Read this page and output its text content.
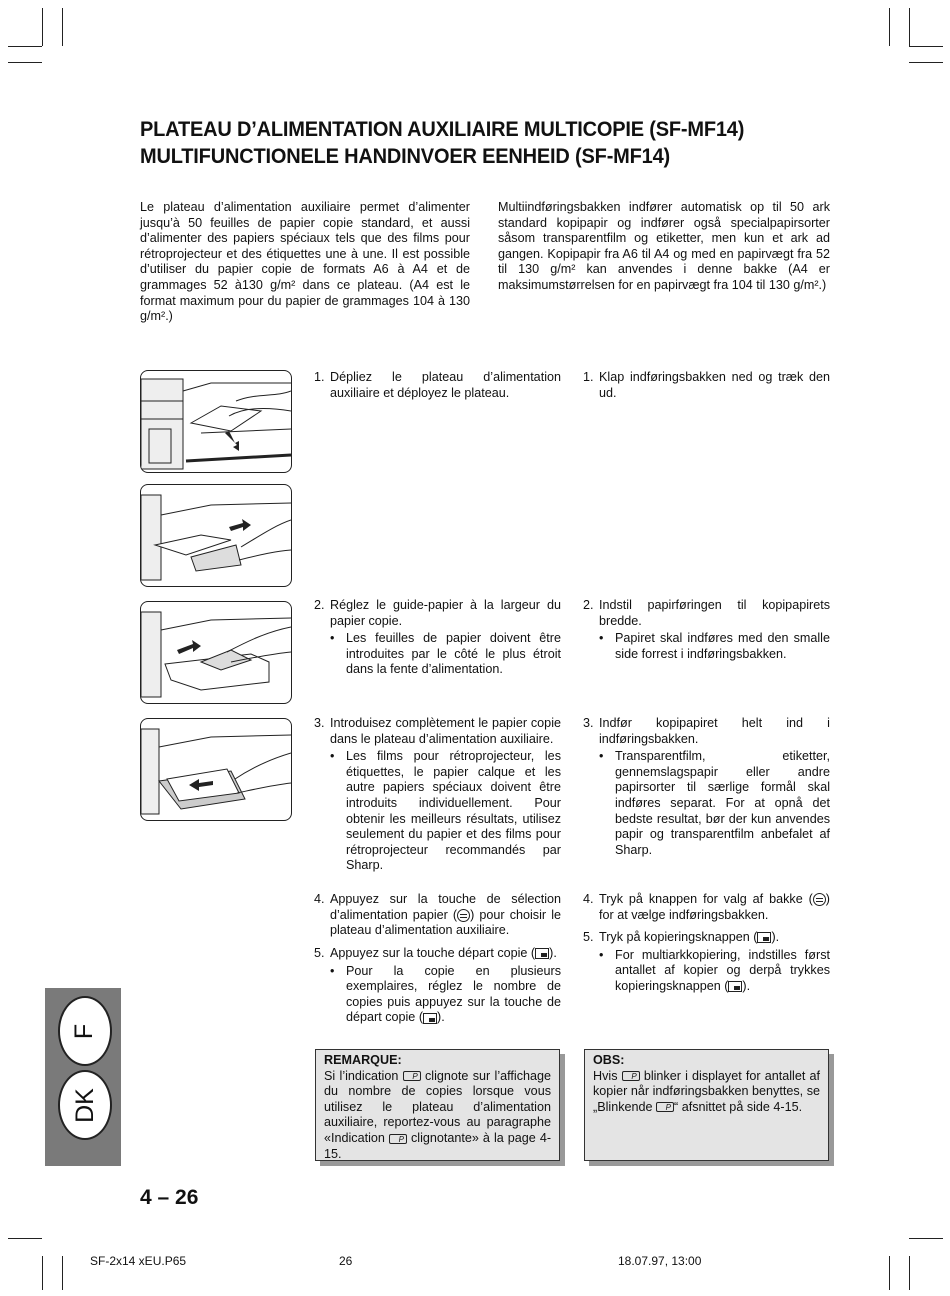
PLATEAU D’ALIMENTATION AUXILIAIRE MULTICOPIE (SF-MF14)
MULTIFUNCTIONELE HANDINVOER EENHEID (SF-MF14)
Le plateau d’alimentation auxiliaire permet d’alimenter jusqu’à 50 feuilles de papier copie standard, et aussi d’alimenter des papiers spéciaux tels que des films pour rétroprojecteur et des étiquettes une à une. Il est possible d’utiliser du papier copie de formats A6 à A4 et de grammages 52 à130 g/m² dans ce plateau. (A4 est le format maximum pour du papier de grammages 104 à 130 g/m².)
Multiindføringsbakken indfører automatisk op til 50 ark standard kopipapir og indfører også specialpapirsorter såsom transparentfilm og etiketter, men kun et ark ad gangen. Kopipapir fra A6 til A4 og med en papirvægt fra 52 til 130 g/m² kan anvendes i denne bakke (A4 er maksimumstørrelsen for en papirvægt fra 104 til 130 g/m².)
1. Dépliez le plateau d’alimentation auxiliaire et déployez le plateau.
2. Réglez le guide-papier à la largeur du papier copie.
• Les feuilles de papier doivent être introduites par le côté le plus étroit dans la fente d’alimentation.
3. Introduisez complètement le papier copie dans le plateau d’alimentation auxiliaire.
• Les films pour rétroprojecteur, les étiquettes, le papier calque et les autre papiers spéciaux doivent être introduits individuellement. Pour obtenir les meilleurs résultats, utilisez seulement du papier et des films pour rétroprojecteur recommandés par Sharp.
4. Appuyez sur la touche de sélection d’alimentation papier ( ) pour choisir le plateau d’alimentation auxiliaire.
5. Appuyez sur la touche départ copie ( ).
• Pour la copie en plusieurs exemplaires, réglez le nombre de copies puis appuyez sur la touche de départ copie ( ).
1. Klap indføringsbakken ned og træk den ud.
2. Indstil papirføringen til kopipapirets bredde.
• Papiret skal indføres med den smalle side forrest i indføringsbakken.
3. Indfør kopipapiret helt ind i indføringsbakken.
• Transparentfilm, etiketter, gennemslagspapir eller andre papirsorter til særlige formål skal indføres separat. For at opnå det bedste resultat, bør der kun anvendes papir og transparentfilm anbefalet af Sharp.
4. Tryk på knappen for valg af bakke ( ) for at vælge indføringsbakken.
5. Tryk på kopieringsknappen ( ).
• For multiarkkopiering, indstilles først antallet af kopier og derpå trykkes kopieringsknappen ( ).
REMARQUE:
Si l’indication P clignote sur l’affichage du nombre de copies lorsque vous utilisez le plateau d’alimentation auxiliaire, reportez-vous au paragraphe «Indication P clignotante» à la page 4-15.
OBS:
Hvis P blinker i displayet for antallet af kopier når indføringsbakken benyttes, se „Blinkende P “ afsnittet på side 4-15.
F
DK
4 – 26
SF-2x14 xEU.P65	26	18.07.97, 13:00
